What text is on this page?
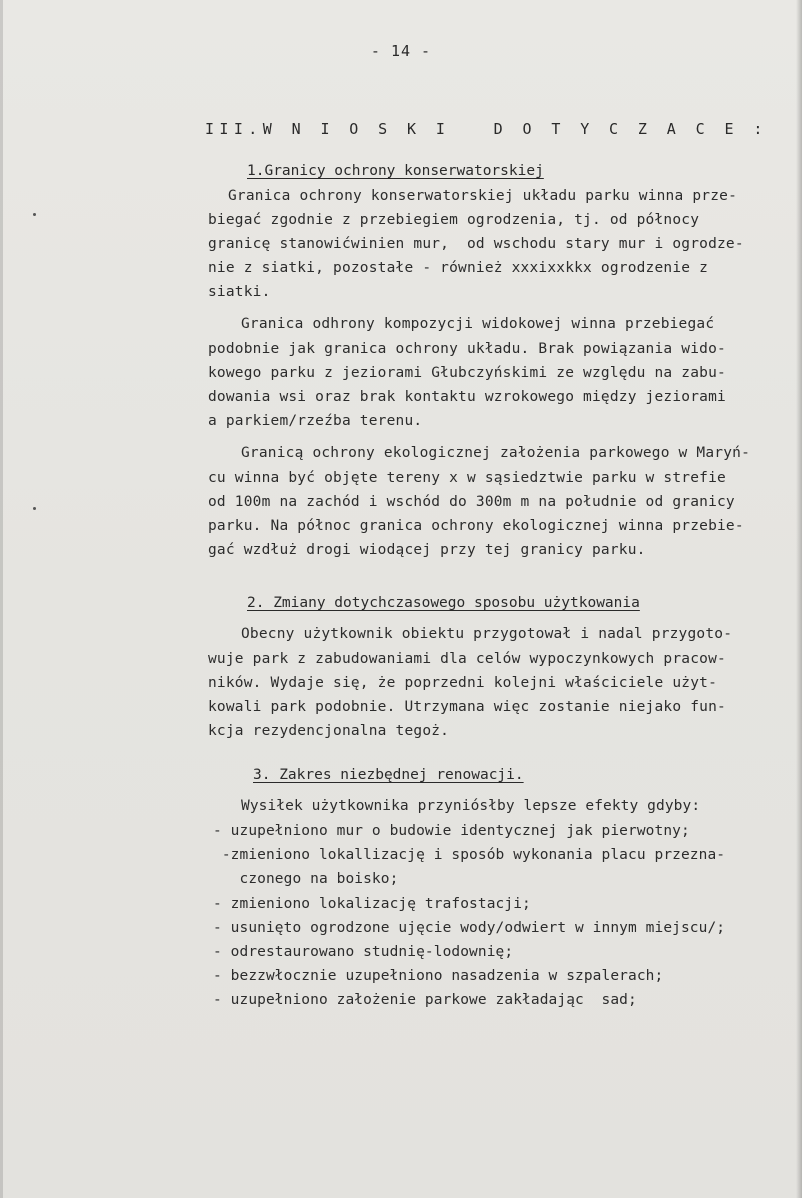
- 14 -
III.W N I O S K I   D O T Y C Z A C E :
1.Granicy ochrony konserwatorskiej
Granica ochrony konserwatorskiej układu parku winna prze-
biegać zgodnie z przebiegiem ogrodzenia, tj. od północy
granicę stanowićwinien mur,  od wschodu stary mur i ogrodze-
nie z siatki, pozostałe - również xxxixxkkx ogrodzenie z
siatki.
Granica odhrony kompozycji widokowej winna przebiegać
podobnie jak granica ochrony układu. Brak powiązania wido-
kowego parku z jeziorami Głubczyńskimi ze względu na zabu-
dowania wsi oraz brak kontaktu wzrokowego między jeziorami
a parkiem/rzeźba terenu.
Granicą ochrony ekologicznej założenia parkowego w Maryń-
cu winna być objęte tereny x w sąsiedztwie parku w strefie
od 100m na zachód i wschód do 300m m na południe od granicy
parku. Na północ granica ochrony ekologicznej winna przebie-
gać wzdłuż drogi wiodącej przy tej granicy parku.
2. Zmiany dotychczasowego sposobu użytkowania
Obecny użytkownik obiektu przygotował i nadal przygoto-
wuje park z zabudowaniami dla celów wypoczynkowych pracow-
ników. Wydaje się, że poprzedni kolejni właściciele użyt-
kowali park podobnie. Utrzymana więc zostanie niejako fun-
kcja rezydencjonalna tegoż.
3. Zakres niezbędnej renowacji.
Wysiłek użytkownika przyniósłby lepsze efekty gdyby:
- uzupełniono mur o budowie identycznej jak pierwotny;
-zmieniono lokallizację i sposób wykonania placu przezna-
czonego na boisko;
- zmieniono lokalizację trafostacji;
- usunięto ogrodzone ujęcie wody/odwiert w innym miejscu/;
- odrestaurowano studnię-lodownię;
- bezzwłocznie uzupełniono nasadzenia w szpalerach;
- uzupełniono założenie parkowe zakładając  sad;
